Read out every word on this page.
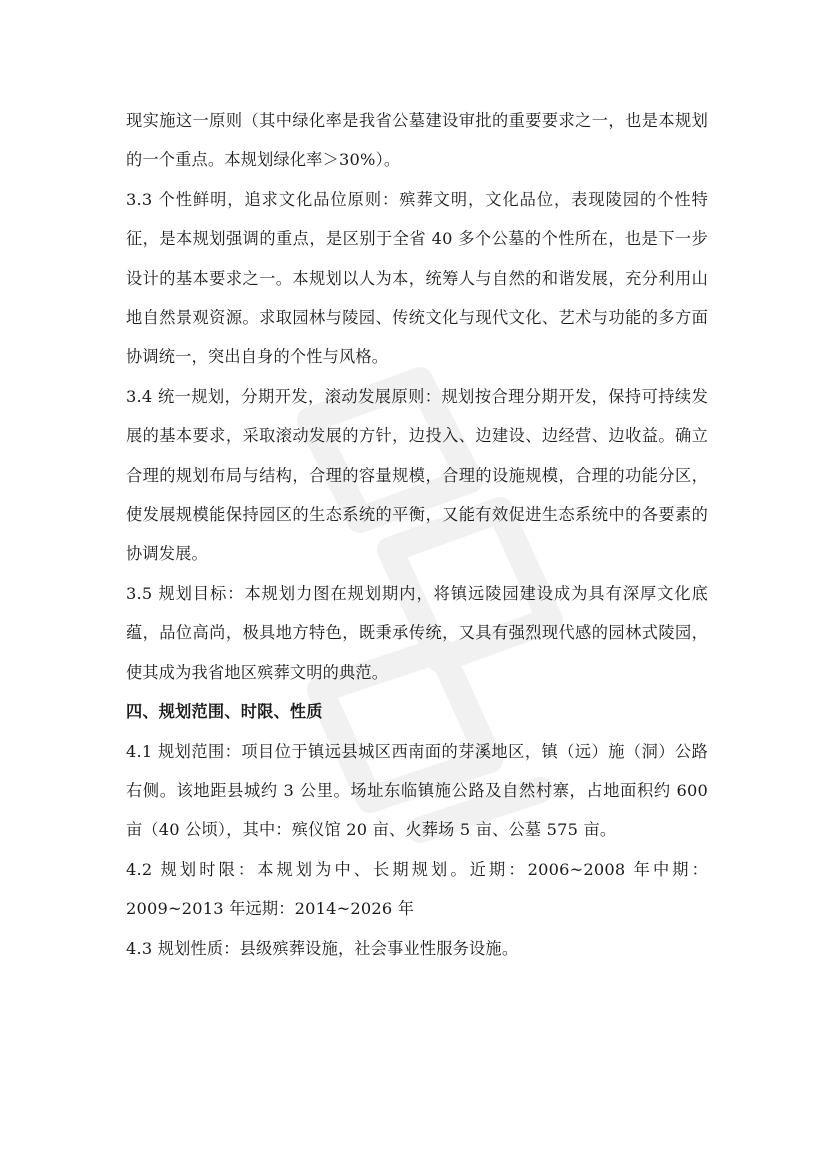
现实施这一原则（其中绿化率是我省公墓建设审批的重要要求之一，也是本规划的一个重点。本规划绿化率＞30%）。

3.3 个性鲜明，追求文化品位原则：殡葬文明，文化品位，表现陵园的个性特征，是本规划强调的重点，是区别于全省 40 多个公墓的个性所在，也是下一步设计的基本要求之一。本规划以人为本，统筹人与自然的和谐发展，充分利用山地自然景观资源。求取园林与陵园、传统文化与现代文化、艺术与功能的多方面协调统一，突出自身的个性与风格。

3.4 统一规划，分期开发，滚动发展原则：规划按合理分期开发，保持可持续发展的基本要求，采取滚动发展的方针，边投入、边建设、边经营、边收益。确立合理的规划布局与结构，合理的容量规模，合理的设施规模，合理的功能分区，使发展规模能保持园区的生态系统的平衡，又能有效促进生态系统中的各要素的协调发展。

3.5 规划目标：本规划力图在规划期内，将镇远陵园建设成为具有深厚文化底蕴，品位高尚，极具地方特色，既秉承传统，又具有强烈现代感的园林式陵园，使其成为我省地区殡葬文明的典范。

四、规划范围、时限、性质

4.1 规划范围：项目位于镇远县城区西南面的芽溪地区，镇（远）施（洞）公路右侧。该地距县城约 3 公里。场址东临镇施公路及自然村寨，占地面积约 600 亩（40 公顷），其中：殡仪馆 20 亩、火葬场 5 亩、公墓 575 亩。

4.2 规划时限：本规划为中、长期规划。近期：2006~2008 年中期：2009~2013 年远期：2014~2026 年

4.3 规划性质：县级殡葬设施，社会事业性服务设施。
